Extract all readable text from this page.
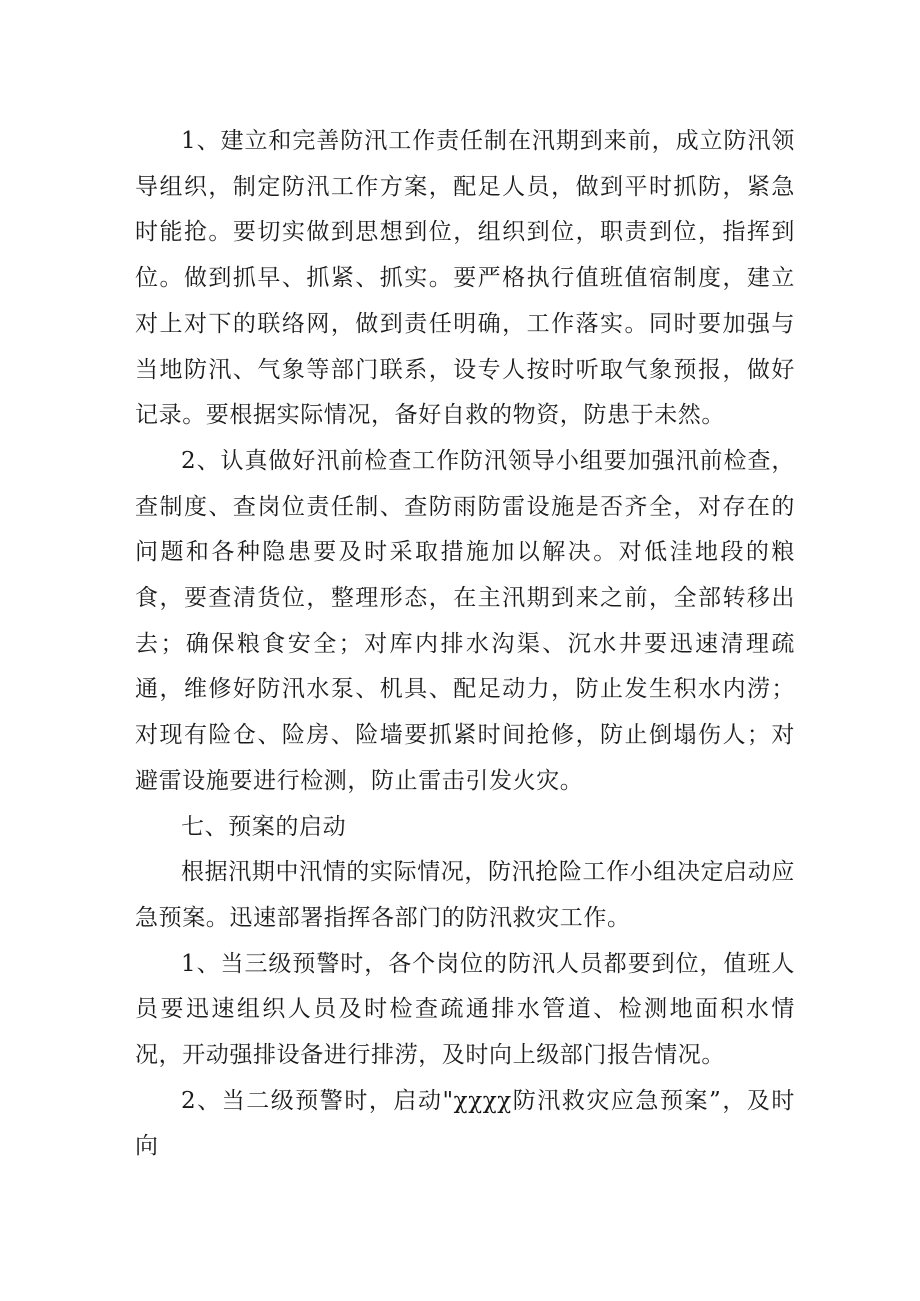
1、建立和完善防汛工作责任制在汛期到来前，成立防汛领导组织，制定防汛工作方案，配足人员，做到平时抓防，紧急时能抢。要切实做到思想到位，组织到位，职责到位，指挥到位。做到抓早、抓紧、抓实。要严格执行值班值宿制度，建立对上对下的联络网，做到责任明确，工作落实。同时要加强与当地防汛、气象等部门联系，设专人按时听取气象预报，做好记录。要根据实际情况，备好自救的物资，防患于未然。

2、认真做好汛前检查工作防汛领导小组要加强汛前检查，查制度、查岗位责任制、查防雨防雷设施是否齐全，对存在的问题和各种隐患要及时采取措施加以解决。对低洼地段的粮食，要查清货位，整理形态，在主汛期到来之前，全部转移出去；确保粮食安全；对库内排水沟渠、沉水井要迅速清理疏通，维修好防汛水泵、机具、配足动力，防止发生积水内涝；对现有险仓、险房、险墙要抓紧时间抢修，防止倒塌伤人；对避雷设施要进行检测，防止雷击引发火灾。

七、预案的启动

根据汛期中汛情的实际情况，防汛抢险工作小组决定启动应急预案。迅速部署指挥各部门的防汛救灾工作。

1、当三级预警时，各个岗位的防汛人员都要到位，值班人员要迅速组织人员及时检查疏通排水管道、检测地面积水情况，开动强排设备进行排涝，及时向上级部门报告情况。

2、当二级预警时，启动"χχχχ防汛救灾应急预案”，及时向
